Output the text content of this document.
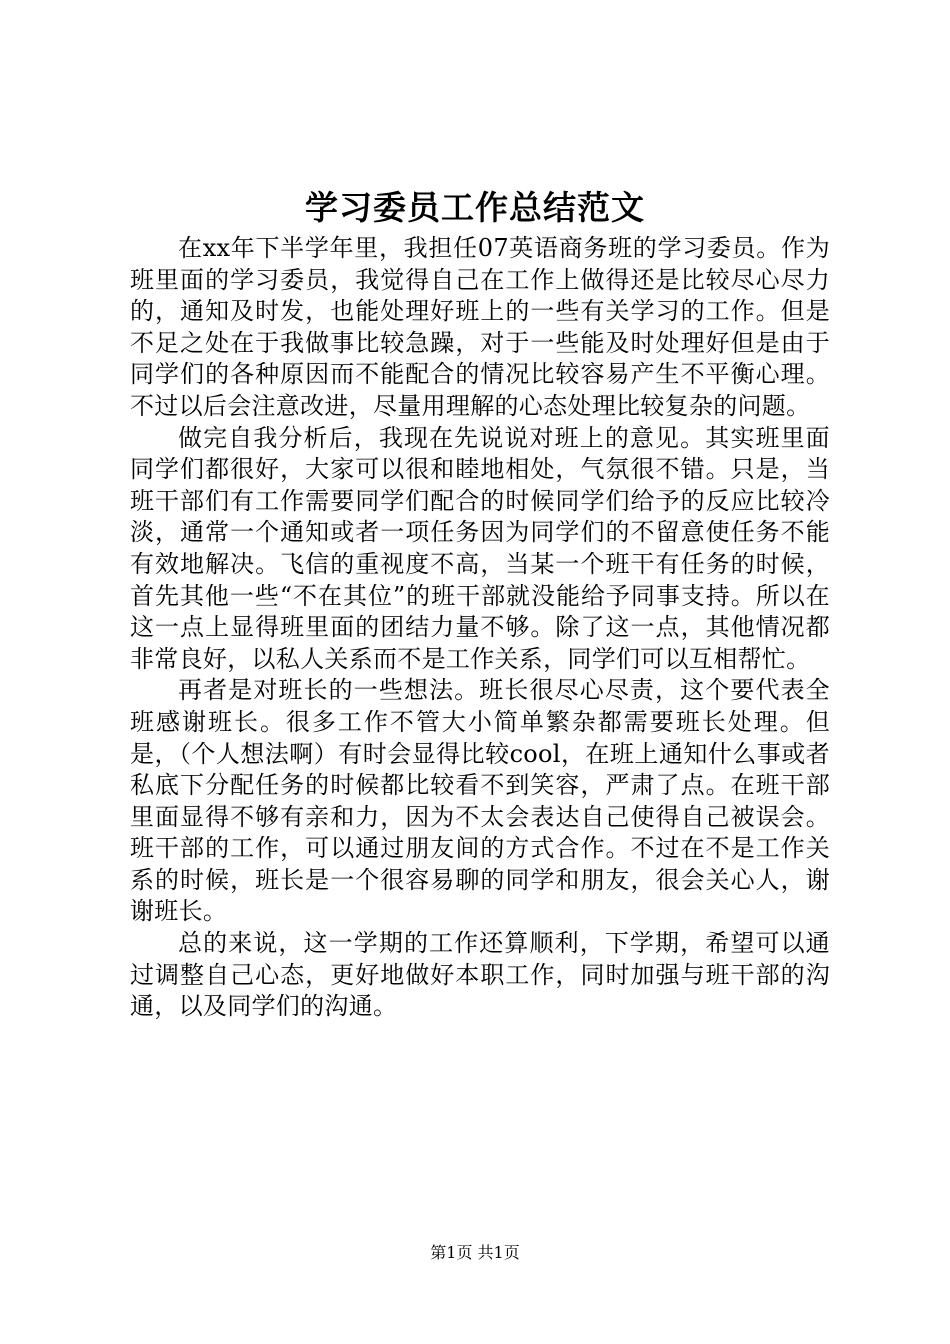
学习委员工作总结范文

在xx年下半学年里，我担任07英语商务班的学习委员。作为班里面的学习委员，我觉得自己在工作上做得还是比较尽心尽力的，通知及时发，也能处理好班上的一些有关学习的工作。但是不足之处在于我做事比较急躁，对于一些能及时处理好但是由于同学们的各种原因而不能配合的情况比较容易产生不平衡心理。不过以后会注意改进，尽量用理解的心态处理比较复杂的问题。

做完自我分析后，我现在先说说对班上的意见。其实班里面同学们都很好，大家可以很和睦地相处，气氛很不错。只是，当班干部们有工作需要同学们配合的时候同学们给予的反应比较冷淡，通常一个通知或者一项任务因为同学们的不留意使任务不能有效地解决。飞信的重视度不高，当某一个班干有任务的时候，首先其他一些“不在其位”的班干部就没能给予同事支持。所以在这一点上显得班里面的团结力量不够。除了这一点，其他情况都非常良好，以私人关系而不是工作关系，同学们可以互相帮忙。

再者是对班长的一些想法。班长很尽心尽责，这个要代表全班感谢班长。很多工作不管大小简单繁杂都需要班长处理。但是，（个人想法啊）有时会显得比较cool，在班上通知什么事或者私底下分配任务的时候都比较看不到笑容，严肃了点。在班干部里面显得不够有亲和力，因为不太会表达自己使得自己被误会。班干部的工作，可以通过朋友间的方式合作。不过在不是工作关系的时候，班长是一个很容易聊的同学和朋友，很会关心人，谢谢班长。

总的来说，这一学期的工作还算顺利，下学期，希望可以通过调整自己心态，更好地做好本职工作，同时加强与班干部的沟通，以及同学们的沟通。

第1页 共1页
